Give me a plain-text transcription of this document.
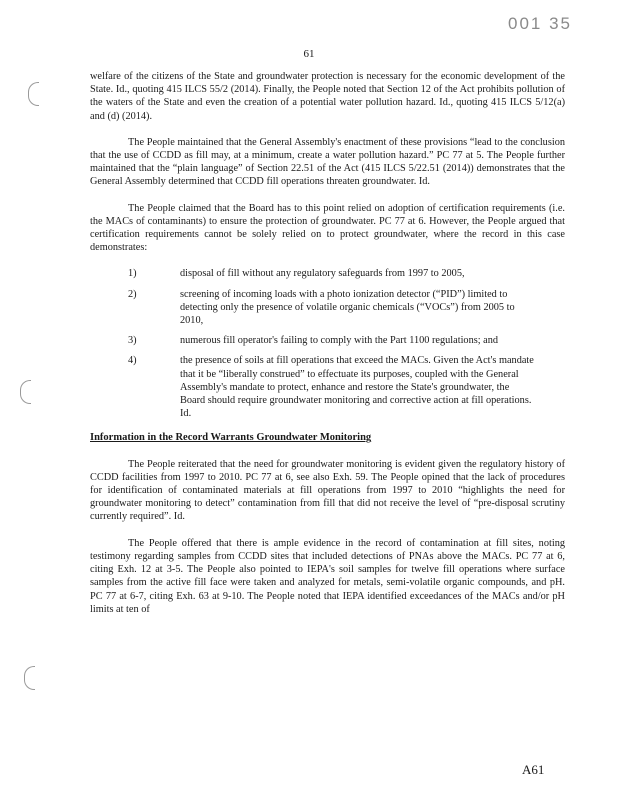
001 35
61

welfare of the citizens of the State and groundwater protection is necessary for the economic development of the State. Id., quoting 415 ILCS 55/2 (2014). Finally, the People noted that Section 12 of the Act prohibits pollution of the waters of the State and even the creation of a potential water pollution hazard. Id., quoting 415 ILCS 5/12(a) and (d) (2014).

The People maintained that the General Assembly's enactment of these provisions “lead to the conclusion that the use of CCDD as fill may, at a minimum, create a water pollution hazard.” PC 77 at 5. The People further maintained that the “plain language” of Section 22.51 of the Act (415 ILCS 5/22.51 (2014)) demonstrates that the General Assembly determined that CCDD fill operations threaten groundwater. Id.

The People claimed that the Board has to this point relied on adoption of certification requirements (i.e. the MACs of contaminants) to ensure the protection of groundwater. PC 77 at 6. However, the People argued that certification requirements cannot be solely relied on to protect groundwater, where the record in this case demonstrates:

1)	disposal of fill without any regulatory safeguards from 1997 to 2005,
2)	screening of incoming loads with a photo ionization detector (“PID”) limited to detecting only the presence of volatile organic chemicals (“VOCs”) from 2005 to 2010,
3)	numerous fill operator's failing to comply with the Part 1100 regulations; and
4)	the presence of soils at fill operations that exceed the MACs. Given the Act's mandate that it be “liberally construed” to effectuate its purposes, coupled with the General Assembly's mandate to protect, enhance and restore the State's groundwater, the Board should require groundwater monitoring and corrective action at fill operations. Id.
Information in the Record Warrants Groundwater Monitoring

The People reiterated that the need for groundwater monitoring is evident given the regulatory history of CCDD facilities from 1997 to 2010. PC 77 at 6, see also Exh. 59. The People opined that the lack of procedures for identification of contaminated materials at fill operations from 1997 to 2010 “highlights the need for groundwater monitoring to detect” contamination from fill that did not receive the level of “pre-disposal scrutiny currently required”. Id.

The People offered that there is ample evidence in the record of contamination at fill sites, noting testimony regarding samples from CCDD sites that included detections of PNAs above the MACs. PC 77 at 6, citing Exh. 12 at 3-5. The People also pointed to IEPA's soil samples for twelve fill operations where surface samples from the active fill face were taken and analyzed for metals, semi-volatile organic compounds, and pH. PC 77 at 6-7, citing Exh. 63 at 9-10. The People noted that IEPA identified exceedances of the MACs and/or pH limits at ten of

A61
